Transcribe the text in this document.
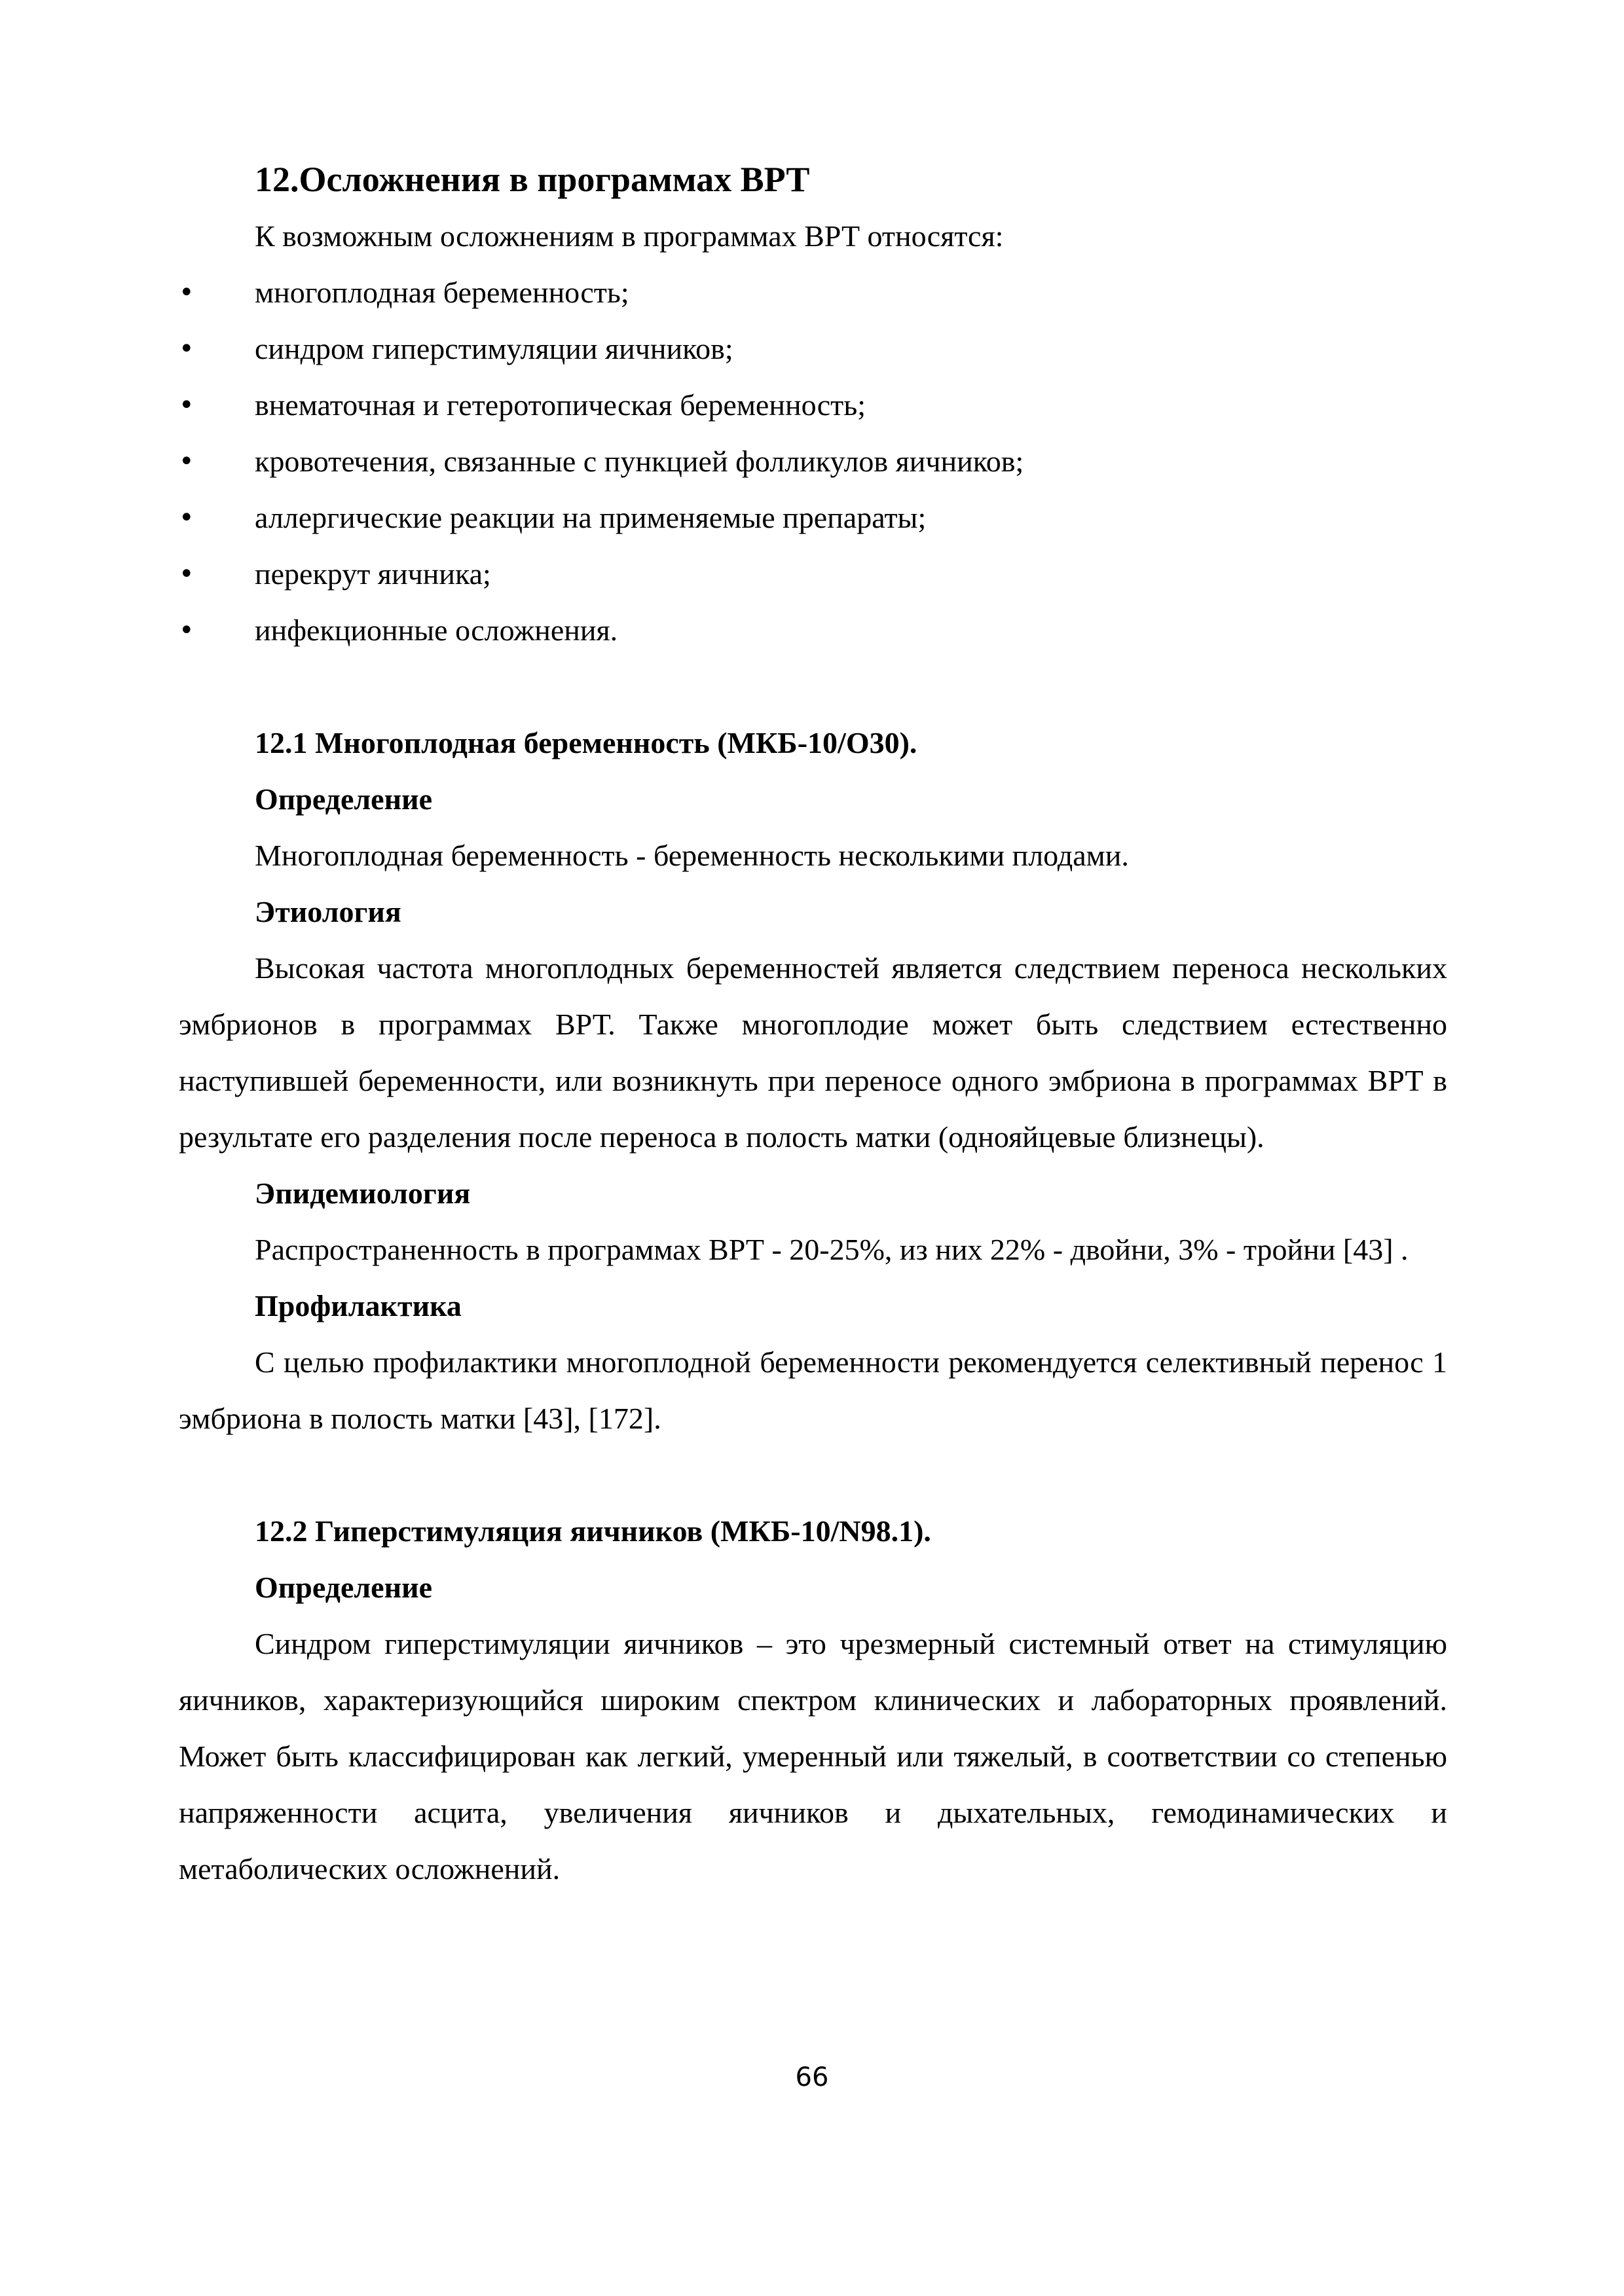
12.Осложнения в программах ВРТ

К возможным осложнениям в программах ВРТ относятся:

• многоплодная беременность;
• синдром гиперстимуляции яичников;
• внематочная и гетеротопическая беременность;
• кровотечения, связанные с пункцией фолликулов яичников;
• аллергические реакции на применяемые препараты;
• перекрут яичника;
• инфекционные осложнения.
12.1 Многоплодная беременность (МКБ-10/O30).
Определение

Многоплодная беременность - беременность несколькими плодами.

Этиология

Высокая частота многоплодных беременностей является следствием переноса нескольких эмбрионов в программах ВРТ. Также многоплодие может быть следствием естественно наступившей беременности, или возникнуть при переносе одного эмбриона в программах ВРТ в результате его разделения после переноса в полость матки (однояйцевые близнецы).

Эпидемиология

Распространенность в программах ВРТ - 20-25%, из них 22% - двойни, 3% - тройни [43] .

Профилактика

С целью профилактики многоплодной беременности рекомендуется селективный перенос 1 эмбриона в полость матки [43], [172].

12.2 Гиперстимуляция яичников (МКБ-10/N98.1).
Определение

Синдром гиперстимуляции яичников – это чрезмерный системный ответ на стимуляцию яичников, характеризующийся широким спектром клинических и лабораторных проявлений. Может быть классифицирован как легкий, умеренный или тяжелый, в соответствии со степенью напряженности асцита, увеличения яичников и дыхательных, гемодинамических и метаболических осложнений.

66
